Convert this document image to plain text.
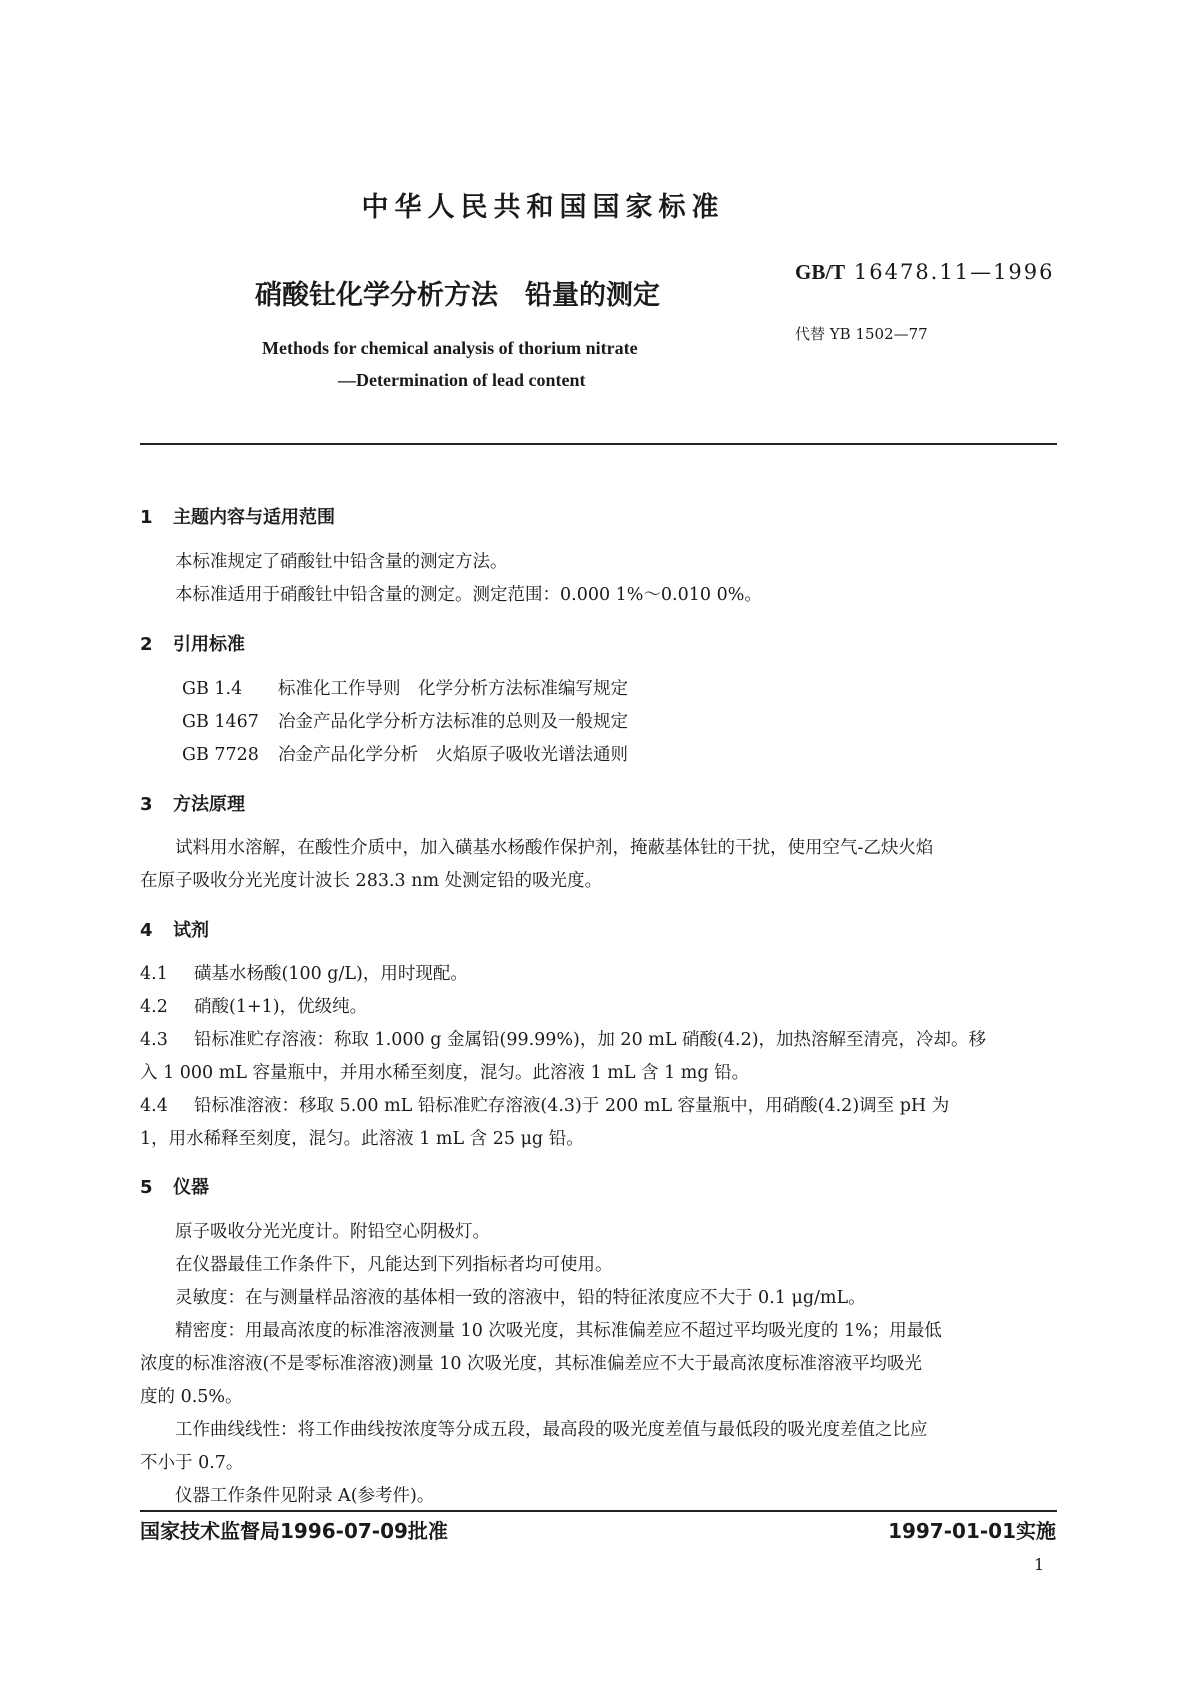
中华人民共和国国家标准
硝酸钍化学分析方法　铅量的测定
GB/T 16478.11—1996
代替 YB 1502—77
Methods for chemical analysis of thorium nitrate
—Determination of lead content
1 主题内容与适用范围
本标准规定了硝酸钍中铅含量的测定方法。
本标准适用于硝酸钍中铅含量的测定。测定范围：0.000 1%～0.010 0%。
2 引用标准
GB 1.4 标准化工作导则　化学分析方法标准编写规定
GB 1467 冶金产品化学分析方法标准的总则及一般规定
GB 7728 冶金产品化学分析　火焰原子吸收光谱法通则
3 方法原理
试料用水溶解，在酸性介质中，加入磺基水杨酸作保护剂，掩蔽基体钍的干扰，使用空气-乙炔火焰
在原子吸收分光光度计波长 283.3 nm 处测定铅的吸光度。
4 试剂
4.1 磺基水杨酸(100 g/L)，用时现配。
4.2 硝酸(1+1)，优级纯。
4.3 铅标准贮存溶液：称取 1.000 g 金属铅(99.99%)，加 20 mL 硝酸(4.2)，加热溶解至清亮，冷却。移
入 1 000 mL 容量瓶中，并用水稀至刻度，混匀。此溶液 1 mL 含 1 mg 铅。
4.4 铅标准溶液：移取 5.00 mL 铅标准贮存溶液(4.3)于 200 mL 容量瓶中，用硝酸(4.2)调至 pH 为
1，用水稀释至刻度，混匀。此溶液 1 mL 含 25 μg 铅。
5 仪器
原子吸收分光光度计。附铅空心阴极灯。
在仪器最佳工作条件下，凡能达到下列指标者均可使用。
灵敏度：在与测量样品溶液的基体相一致的溶液中，铅的特征浓度应不大于 0.1 μg/mL。
精密度：用最高浓度的标准溶液测量 10 次吸光度，其标准偏差应不超过平均吸光度的 1%；用最低
浓度的标准溶液(不是零标准溶液)测量 10 次吸光度，其标准偏差应不大于最高浓度标准溶液平均吸光
度的 0.5%。
工作曲线线性：将工作曲线按浓度等分成五段，最高段的吸光度差值与最低段的吸光度差值之比应
不小于 0.7。
仪器工作条件见附录 A(参考件)。
国家技术监督局1996-07-09批准	1997-01-01实施
1
